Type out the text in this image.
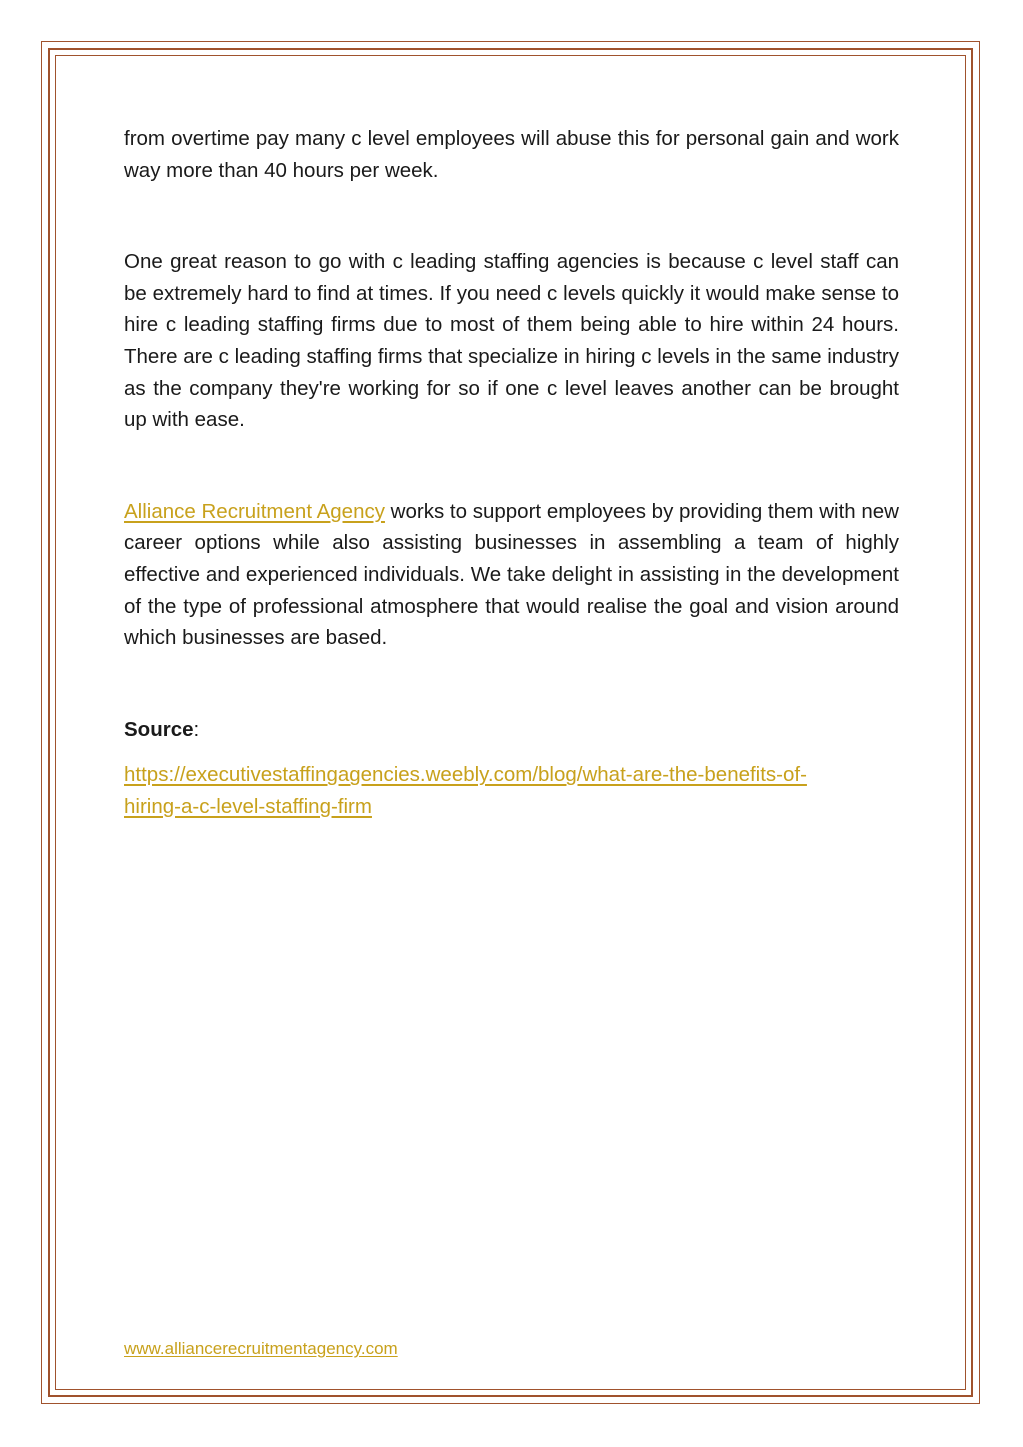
from overtime pay many c level employees will abuse this for personal gain and work way more than 40 hours per week.

One great reason to go with c leading staffing agencies is because c level staff can be extremely hard to find at times. If you need c levels quickly it would make sense to hire c leading staffing firms due to most of them being able to hire within 24 hours. There are c leading staffing firms that specialize in hiring c levels in the same industry as the company they're working for so if one c level leaves another can be brought up with ease.

Alliance Recruitment Agency works to support employees by providing them with new career options while also assisting businesses in assembling a team of highly effective and experienced individuals. We take delight in assisting in the development of the type of professional atmosphere that would realise the goal and vision around which businesses are based.

Source:

https://executivestaffingagencies.weebly.com/blog/what-are-the-benefits-of-
hiring-a-c-level-staffing-firm

www.alliancerecruitmentagency.com
